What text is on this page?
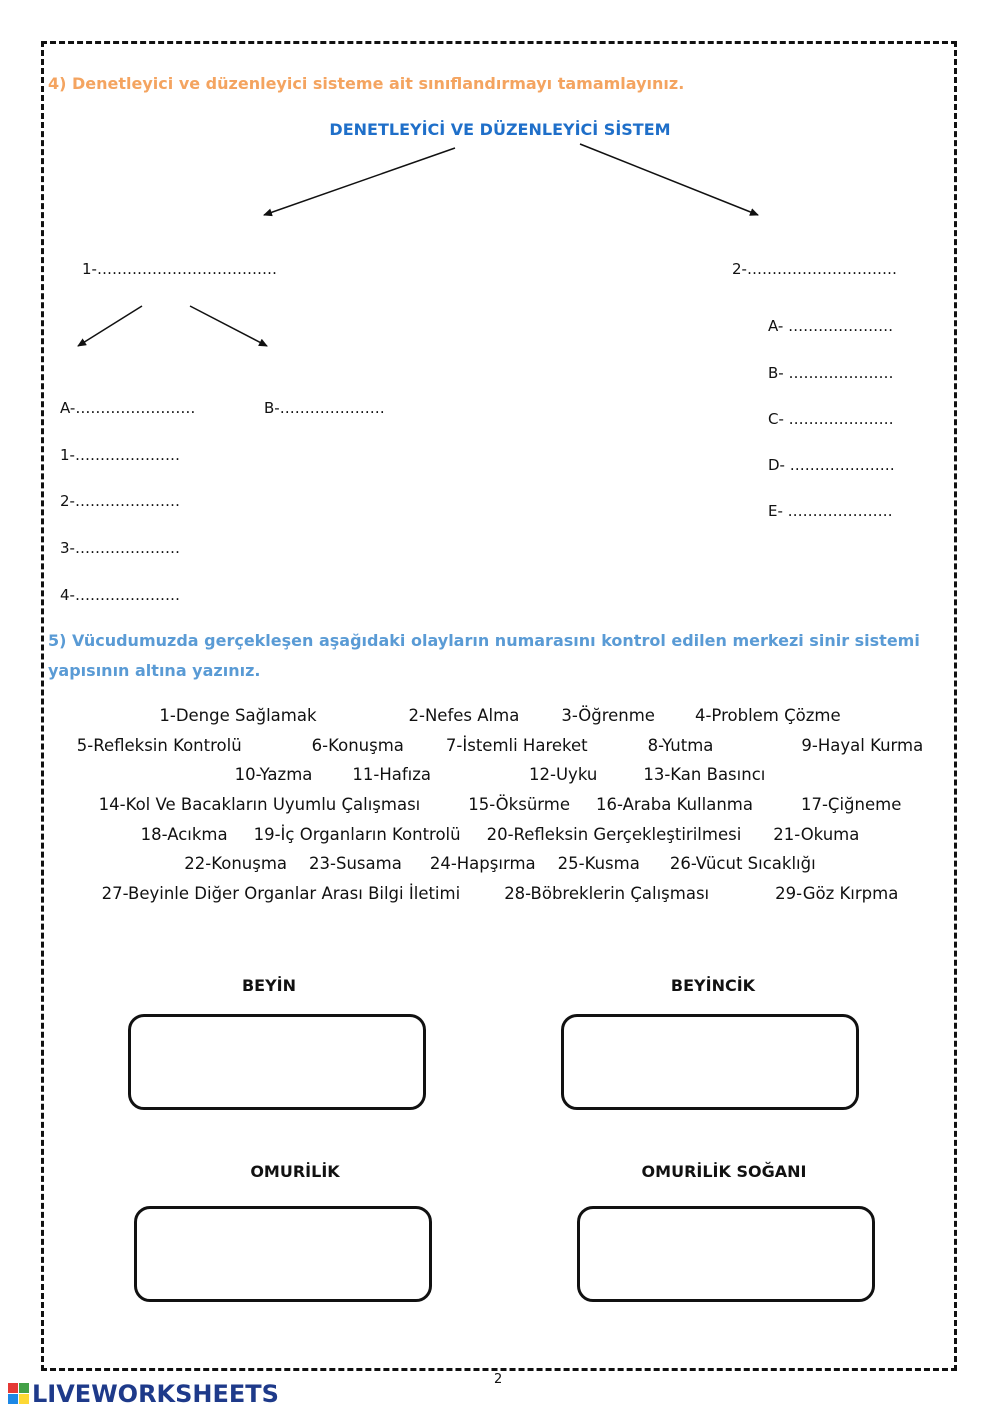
4) Denetleyici ve düzenleyici sisteme ait sınıflandırmayı tamamlayınız.
DENETLEYİCİ VE DÜZENLEYİCİ SİSTEM
1-………………………………	2-…………………………
A-……………………	B-…………………
1-…………………
2-…………………
3-…………………
4-…………………
A- …………………
B- …………………
C- …………………
D- …………………
E- …………………
5) Vücudumuzda gerçekleşen aşağıdaki olayların numarasını kontrol edilen merkezi sinir sistemi
yapısının altına yazınız.
1-Denge Sağlamak	2-Nefes Alma	3-Öğrenme 4-Problem Çözme
5-Refleksin Kontrolü	6-Konuşma	7-İstemli Hareket	8-Yutma	9-Hayal Kurma
10-Yazma 11-Hafıza	12-Uyku	13-Kan Basıncı
14-Kol Ve Bacakların Uyumlu Çalışması	15-Öksürme 16-Araba Kullanma	17-Çiğneme
18-Acıkma 19-İç Organların Kontrolü 20-Refleksin Gerçekleştirilmesi 21-Okuma
22-Konuşma 23-Susama 24-Hapşırma 25-Kusma 26-Vücut Sıcaklığı
27-Beyinle Diğer Organlar Arası Bilgi İletimi	28-Böbreklerin Çalışması	29-Göz Kırpma
BEYİN	BEYİNCİK
OMURİLİK	OMURİLİK SOĞANI
2
LIVEWORKSHEETS
